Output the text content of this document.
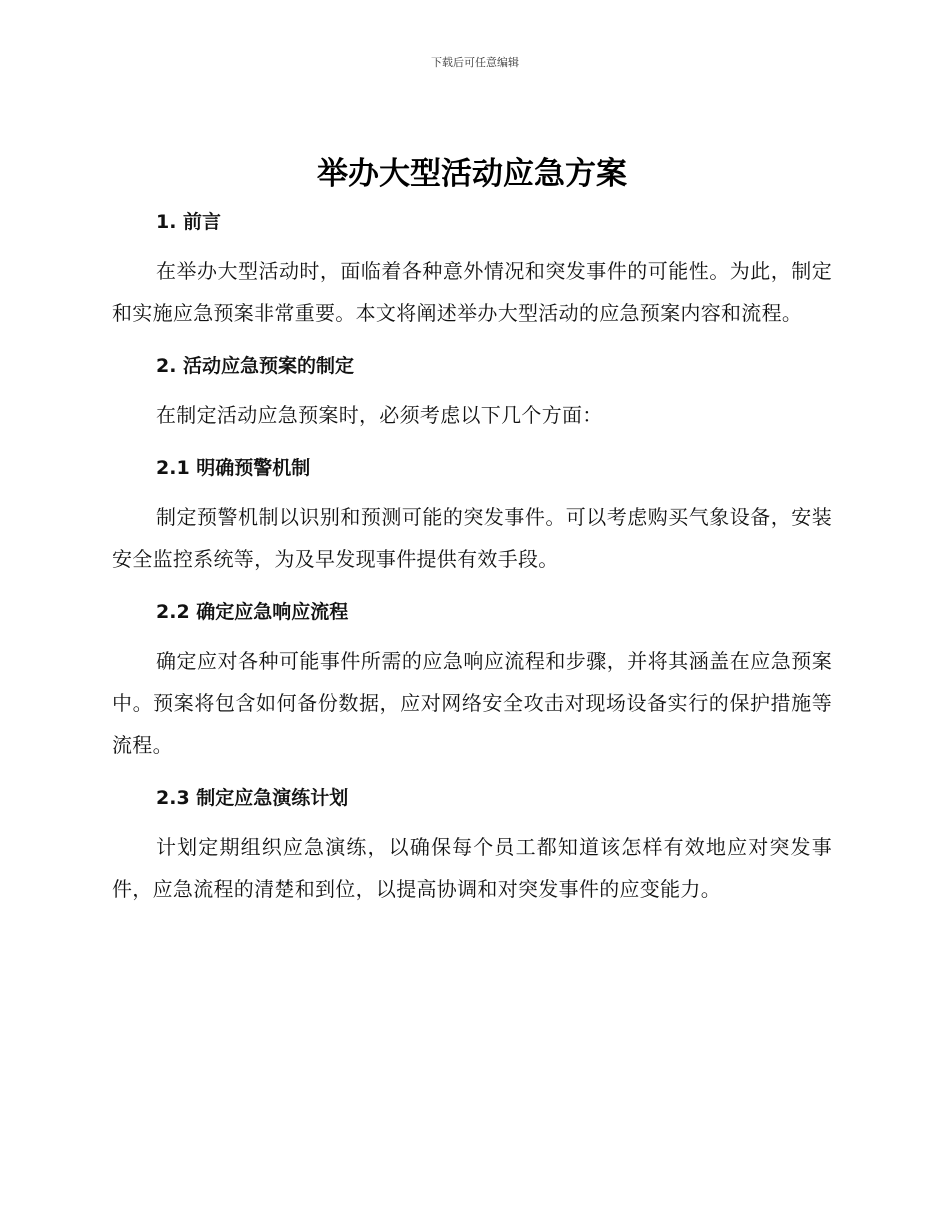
下载后可任意编辑
举办大型活动应急方案
1. 前言

在举办大型活动时，面临着各种意外情况和突发事件的可能性。为此，制定和实施应急预案非常重要。本文将阐述举办大型活动的应急预案内容和流程。

2. 活动应急预案的制定

在制定活动应急预案时，必须考虑以下几个方面：

2.1 明确预警机制

制定预警机制以识别和预测可能的突发事件。可以考虑购买气象设备，安装安全监控系统等，为及早发现事件提供有效手段。

2.2 确定应急响应流程

确定应对各种可能事件所需的应急响应流程和步骤，并将其涵盖在应急预案中。预案将包含如何备份数据，应对网络安全攻击对现场设备实行的保护措施等流程。

2.3 制定应急演练计划

计划定期组织应急演练，以确保每个员工都知道该怎样有效地应对突发事件，应急流程的清楚和到位，以提高协调和对突发事件的应变能力。
